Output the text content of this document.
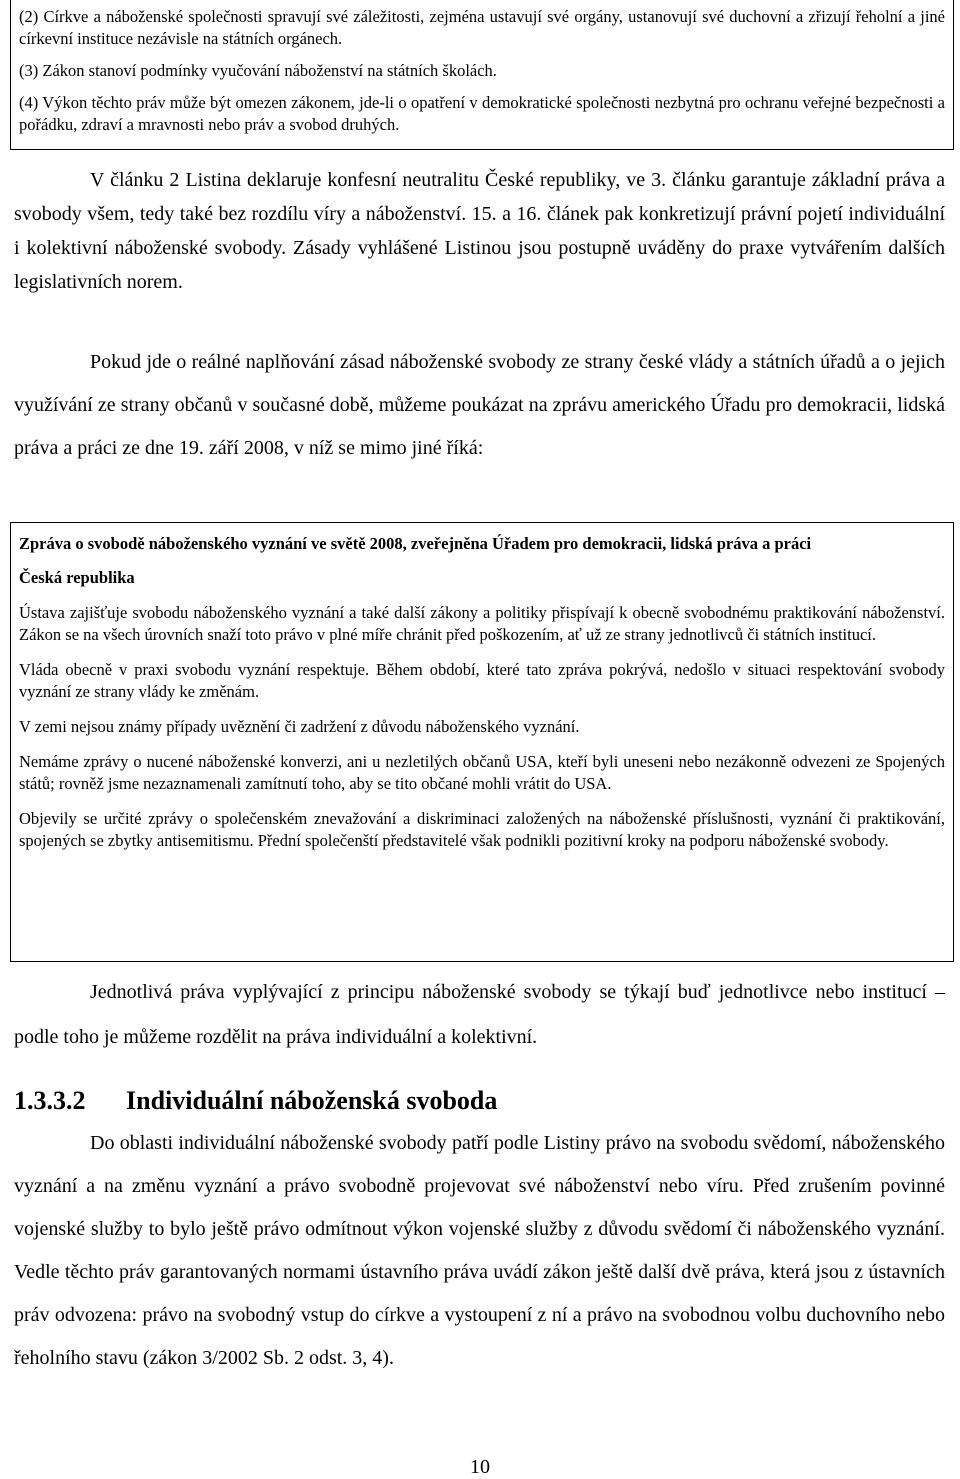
(2) Církve a náboženské společnosti spravují své záležitosti, zejména ustavují své orgány, ustanovují své duchovní a zřizují řeholní a jiné církevní instituce nezávisle na státních orgánech.

(3) Zákon stanoví podmínky vyučování náboženství na státních školách.

(4) Výkon těchto práv může být omezen zákonem, jde-li o opatření v demokratické společnosti nezbytná pro ochranu veřejné bezpečnosti a pořádku, zdraví a mravnosti nebo práv a svobod druhých.

V článku 2 Listina deklaruje konfesní neutralitu České republiky, ve 3. článku garantuje základní práva a svobody všem, tedy také bez rozdílu víry a náboženství. 15. a 16. článek pak konkretizují právní pojetí individuální i kolektivní náboženské svobody. Zásady vyhlášené Listinou jsou postupně uváděny do praxe vytvářením dalších legislativních norem.

Pokud jde o reálné naplňování zásad náboženské svobody ze strany české vlády a státních úřadů a o jejich využívání ze strany občanů v současné době, můžeme poukázat na zprávu amerického Úřadu pro demokracii, lidská práva a práci ze dne 19. září 2008, v níž se mimo jiné říká:

Zpráva o svobodě náboženského vyznání ve světě 2008, zveřejněna Úřadem pro demokracii, lidská práva a práci

Česká republika

Ústava zajišťuje svobodu náboženského vyznání a také další zákony a politiky přispívají k obecně svobodnému praktikování náboženství. Zákon se na všech úrovních snaží toto právo v plné míře chránit před poškozením, ať už ze strany jednotlivců či státních institucí.

Vláda obecně v praxi svobodu vyznání respektuje. Během období, které tato zpráva pokrývá, nedošlo v situaci respektování svobody vyznání ze strany vlády ke změnám.

V zemi nejsou známy případy uvěznění či zadržení z důvodu náboženského vyznání.

Nemáme zprávy o nucené náboženské konverzi, ani u nezletilých občanů USA, kteří byli uneseni nebo nezákonně odvezeni ze Spojených států; rovněž jsme nezaznamenali zamítnutí toho, aby se tito občané mohli vrátit do USA.

Objevily se určité zprávy o společenském znevažování a diskriminaci založených na náboženské příslušnosti, vyznání či praktikování, spojených se zbytky antisemitismu. Přední společenští představitelé však podnikli pozitivní kroky na podporu náboženské svobody.

Jednotlivá práva vyplývající z principu náboženské svobody se týkají buď jednotlivce nebo institucí – podle toho je můžeme rozdělit na práva individuální a kolektivní.

1.3.3.2 Individuální náboženská svoboda

Do oblasti individuální náboženské svobody patří podle Listiny právo na svobodu svědomí, náboženského vyznání a na změnu vyznání a právo svobodně projevovat své náboženství nebo víru. Před zrušením povinné vojenské služby to bylo ještě právo odmítnout výkon vojenské služby z důvodu svědomí či náboženského vyznání. Vedle těchto práv garantovaných normami ústavního práva uvádí zákon ještě další dvě práva, která jsou z ústavních práv odvozena: právo na svobodný vstup do církve a vystoupení z ní a právo na svobodnou volbu duchovního nebo řeholního stavu (zákon 3/2002 Sb. 2 odst. 3, 4).

10
